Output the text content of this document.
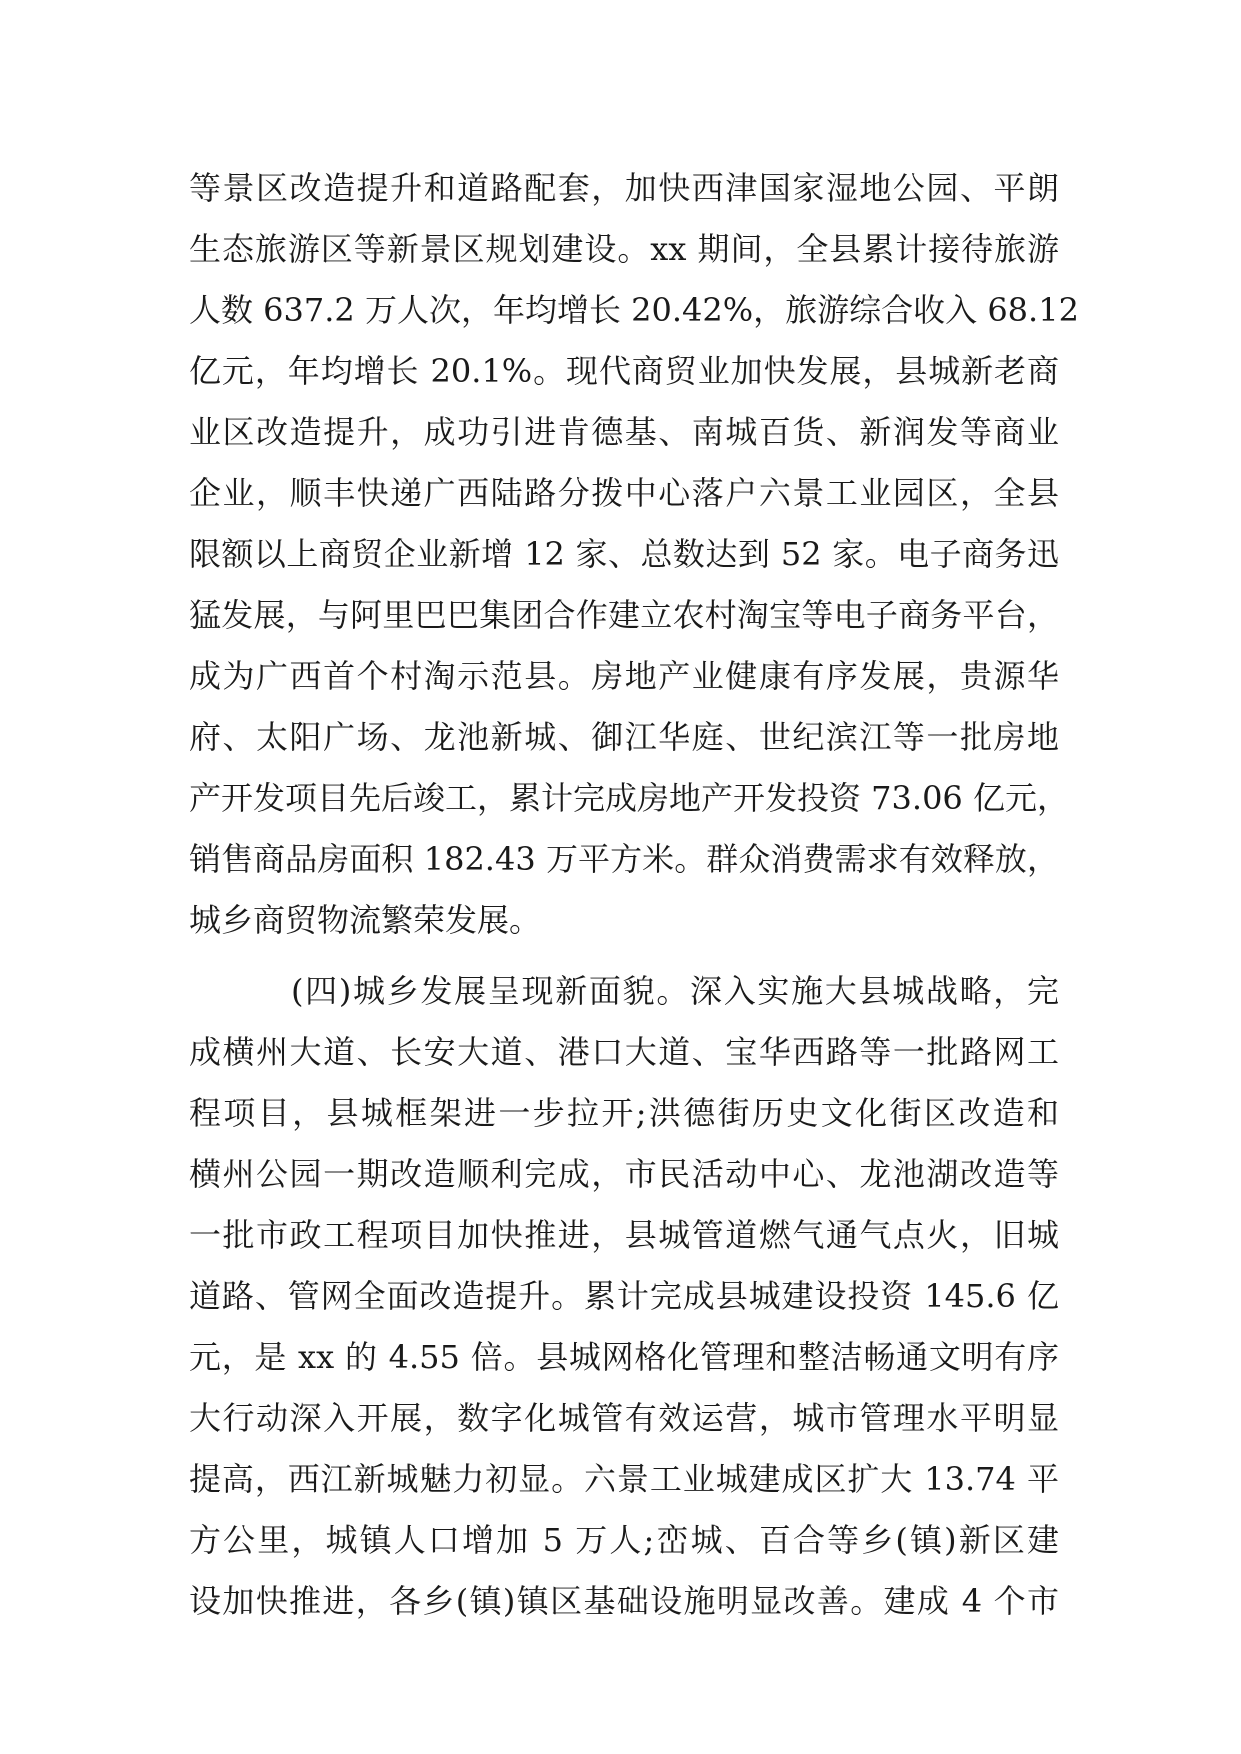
等景区改造提升和道路配套，加快西津国家湿地公园、平朗
生态旅游区等新景区规划建设。xx 期间，全县累计接待旅游
人数 637.2 万人次，年均增长 20.42%，旅游综合收入 68.12
亿元，年均增长 20.1%。现代商贸业加快发展，县城新老商
业区改造提升，成功引进肯德基、南城百货、新润发等商业
企业，顺丰快递广西陆路分拨中心落户六景工业园区，全县
限额以上商贸企业新增 12 家、总数达到 52 家。电子商务迅
猛发展，与阿里巴巴集团合作建立农村淘宝等电子商务平台，
成为广西首个村淘示范县。房地产业健康有序发展，贵源华
府、太阳广场、龙池新城、御江华庭、世纪滨江等一批房地
产开发项目先后竣工，累计完成房地产开发投资 73.06 亿元，
销售商品房面积 182.43 万平方米。群众消费需求有效释放，
城乡商贸物流繁荣发展。
(四)城乡发展呈现新面貌。深入实施大县城战略，完
成横州大道、长安大道、港口大道、宝华西路等一批路网工
程项目，县城框架进一步拉开;洪德街历史文化街区改造和
横州公园一期改造顺利完成，市民活动中心、龙池湖改造等
一批市政工程项目加快推进，县城管道燃气通气点火，旧城
道路、管网全面改造提升。累计完成县城建设投资 145.6 亿
元，是 xx 的 4.55 倍。县城网格化管理和整洁畅通文明有序
大行动深入开展，数字化城管有效运营，城市管理水平明显
提高，西江新城魅力初显。六景工业城建成区扩大 13.74 平
方公里，城镇人口增加 5 万人;峦城、百合等乡(镇)新区建
设加快推进，各乡(镇)镇区基础设施明显改善。建成 4 个市
